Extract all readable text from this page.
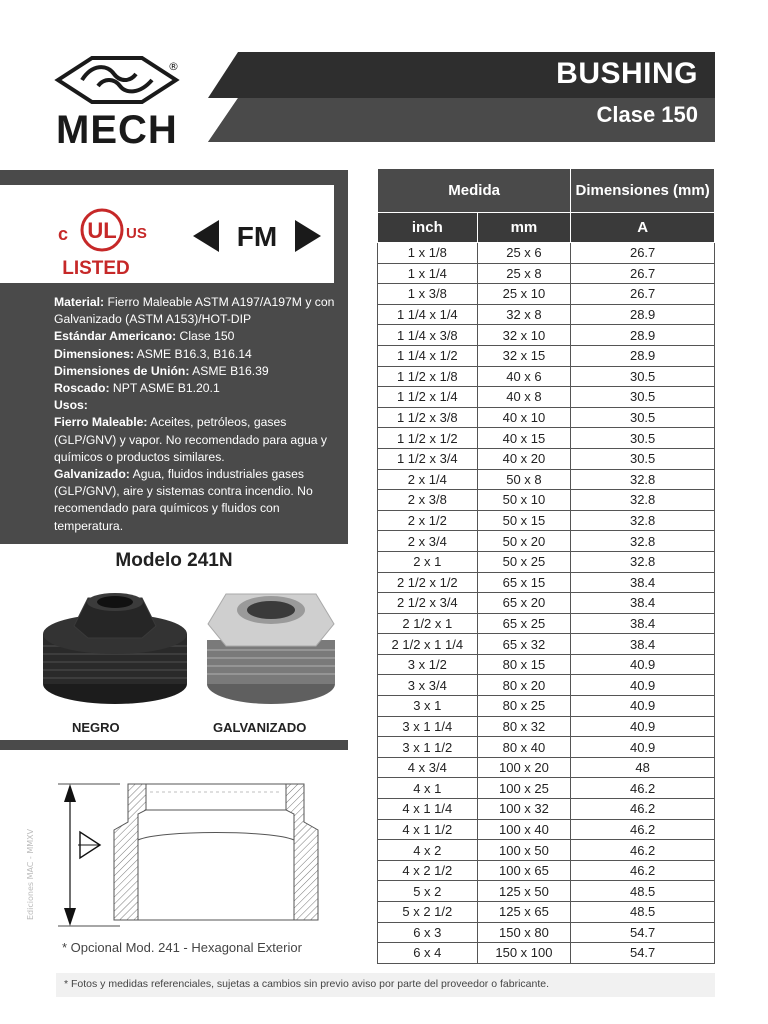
®
MECH
BUSHING
Clase 150
UL
c	US
LISTED
FM
Material: Fierro Maleable ASTM A197/A197M y con Galvanizado (ASTM A153)/HOT-DIP
Estándar Americano: Clase 150
Dimensiones: ASME B16.3, B16.14
Dimensiones de Unión: ASME B16.39
Roscado: NPT ASME B1.20.1
Usos:
Fierro Maleable: Aceites, petróleos, gases (GLP/GNV) y vapor. No recomendado para agua y químicos o productos similares.
Galvanizado: Agua, fluidos industriales gases (GLP/GNV), aire y sistemas contra incendio. No recomendado para químicos y fluidos con temperatura.
Modelo 241N
NEGRO	GALVANIZADO
Ediciones MAC - MMXV
* Opcional Mod. 241 - Hexagonal Exterior
* Fotos y medidas referenciales, sujetas a cambios sin previo aviso por parte del proveedor o fabricante.
Medida		Dimensiones (mm)
inch	mm	A
1 x 1/8	25 x 6	26.7
1 x 1/4	25 x 8	26.7
1 x 3/8	25 x 10	26.7
1 1/4 x 1/4	32 x 8	28.9
1 1/4 x 3/8	32 x 10	28.9
1 1/4 x 1/2	32 x 15	28.9
1 1/2 x 1/8	40 x 6	30.5
1 1/2 x 1/4	40 x 8	30.5
1 1/2 x 3/8	40 x 10	30.5
1 1/2 x 1/2	40 x 15	30.5
1 1/2 x 3/4	40 x 20	30.5
2 x 1/4	50 x 8	32.8
2 x 3/8	50 x 10	32.8
2 x 1/2	50 x 15	32.8
2 x 3/4	50 x 20	32.8
2 x 1	50 x 25	32.8
2 1/2 x 1/2	65 x 15	38.4
2 1/2 x 3/4	65 x 20	38.4
2 1/2 x 1	65 x 25	38.4
2 1/2 x 1 1/4	65 x 32	38.4
3 x 1/2	80 x 15	40.9
3 x 3/4	80 x 20	40.9
3 x 1	80 x 25	40.9
3 x 1 1/4	80 x 32	40.9
3 x 1 1/2	80 x 40	40.9
4 x 3/4	100 x 20	48
4 x 1	100 x 25	46.2
4 x 1 1/4	100 x 32	46.2
4 x 1 1/2	100 x 40	46.2
4 x 2	100 x 50	46.2
4 x 2 1/2	100 x 65	46.2
5 x 2	125 x 50	48.5
5 x 2 1/2	125 x 65	48.5
6 x 3	150 x 80	54.7
6 x 4	150 x 100	54.7
